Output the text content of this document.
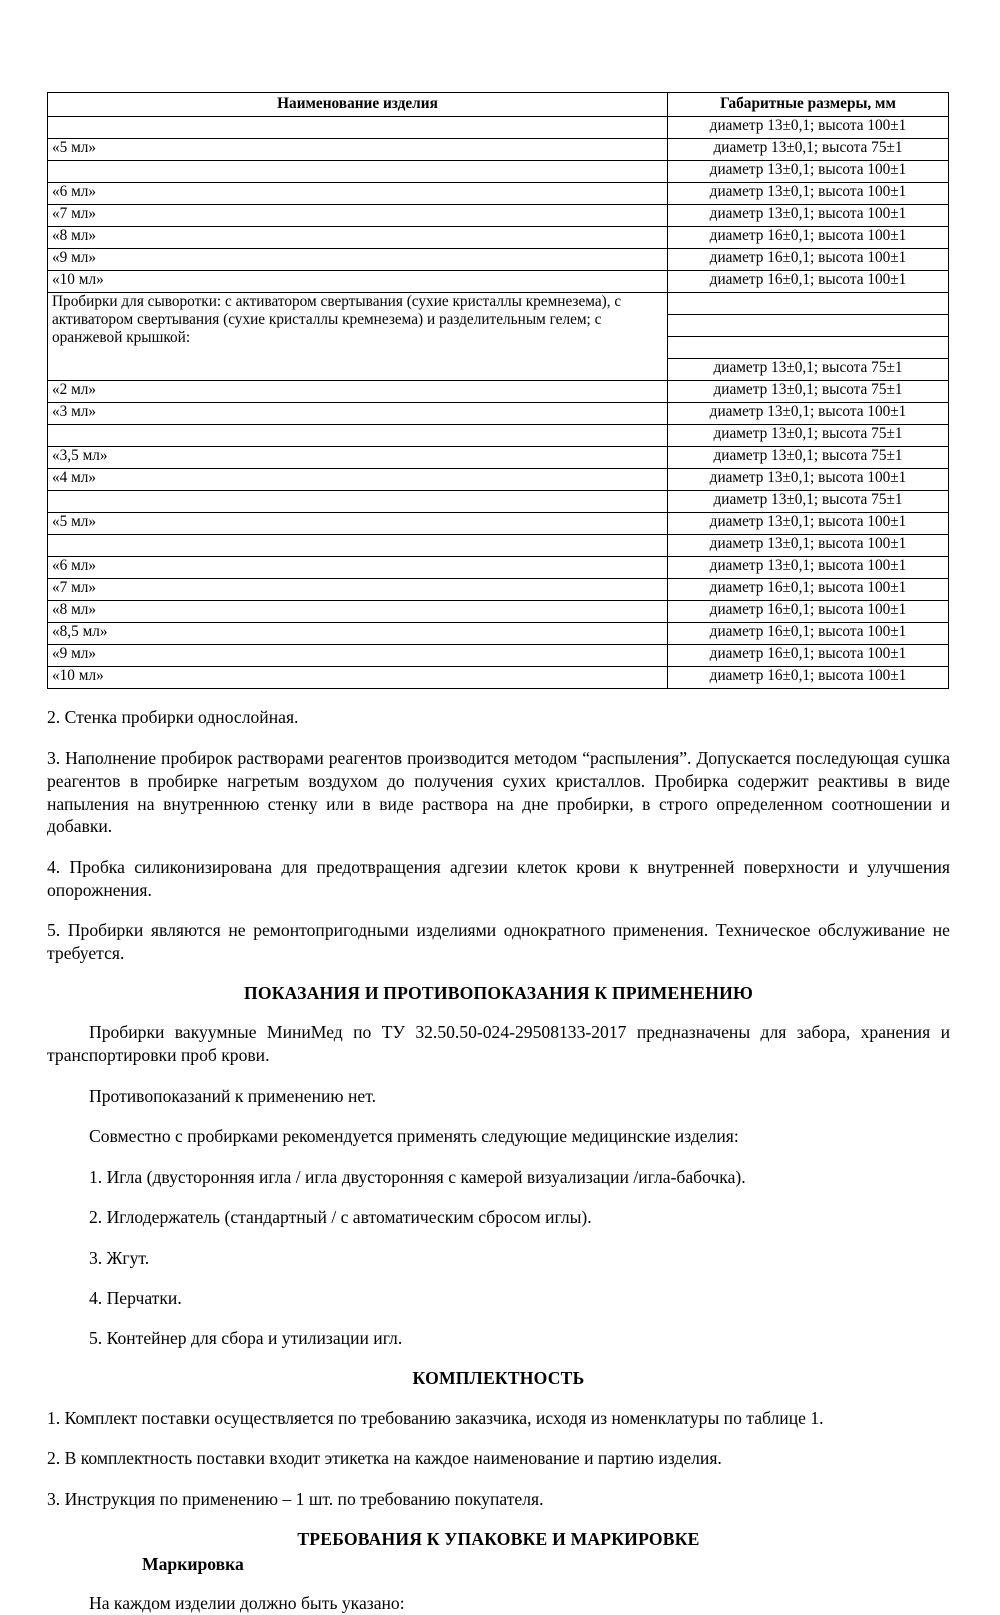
Наименование изделия	Габаритные размеры, мм
	диаметр 13±0,1; высота 100±1
«5 мл»	диаметр 13±0,1; высота 75±1
	диаметр 13±0,1; высота 100±1
«6 мл»	диаметр 13±0,1; высота 100±1
«7 мл»	диаметр 13±0,1; высота 100±1
«8 мл»	диаметр 16±0,1; высота 100±1
«9 мл»	диаметр 16±0,1; высота 100±1
«10 мл»	диаметр 16±0,1; высота 100±1
Пробирки для сыворотки: с активатором свертывания (сухие кристаллы кремнезема), с активатором свертывания (сухие кристаллы кремнезема) и разделительным гелем; с оранжевой крышкой:	

	диаметр 13±0,1; высота 75±1
«2 мл»	диаметр 13±0,1; высота 75±1
«3 мл»	диаметр 13±0,1; высота 100±1
	диаметр 13±0,1; высота 75±1
«3,5 мл»	диаметр 13±0,1; высота 75±1
«4 мл»	диаметр 13±0,1; высота 100±1
	диаметр 13±0,1; высота 75±1
«5 мл»	диаметр 13±0,1; высота 100±1
	диаметр 13±0,1; высота 100±1
«6 мл»	диаметр 13±0,1; высота 100±1
«7 мл»	диаметр 16±0,1; высота 100±1
«8 мл»	диаметр 16±0,1; высота 100±1
«8,5 мл»	диаметр 16±0,1; высота 100±1
«9 мл»	диаметр 16±0,1; высота 100±1
«10 мл»	диаметр 16±0,1; высота 100±1

2. Стенка пробирки однослойная.

3. Наполнение пробирок растворами реагентов производится методом “распыления”. Допускается последующая сушка реагентов в пробирке нагретым воздухом до получения сухих кристаллов. Пробирка содержит реактивы в виде напыления на внутреннюю стенку или в виде раствора на дне пробирки, в строго определенном соотношении и добавки.

4. Пробка силиконизирована для предотвращения адгезии клеток крови к внутренней поверхности и улучшения опорожнения.

5. Пробирки являются не ремонтопригодными изделиями однократного применения. Техническое обслуживание не требуется.

ПОКАЗАНИЯ И ПРОТИВОПОКАЗАНИЯ К ПРИМЕНЕНИЮ

Пробирки вакуумные МиниМед по ТУ 32.50.50-024-29508133-2017 предназначены для забора, хранения и транспортировки проб крови.

Противопоказаний к применению нет.

Совместно с пробирками рекомендуется применять следующие медицинские изделия:

1. Игла (двусторонняя игла / игла двусторонняя с камерой визуализации /игла-бабочка).

2. Иглодержатель (стандартный / с автоматическим сбросом иглы).

3. Жгут.

4. Перчатки.

5. Контейнер для сбора и утилизации игл.

КОМПЛЕКТНОСТЬ

1. Комплект поставки осуществляется по требованию заказчика, исходя из номенклатуры по таблице 1.

2. В комплектность поставки входит этикетка на каждое наименование и партию изделия.

3. Инструкция по применению – 1 шт. по требованию покупателя.

ТРЕБОВАНИЯ К УПАКОВКЕ И МАРКИРОВКЕ
Маркировка

На каждом изделии должно быть указано:
